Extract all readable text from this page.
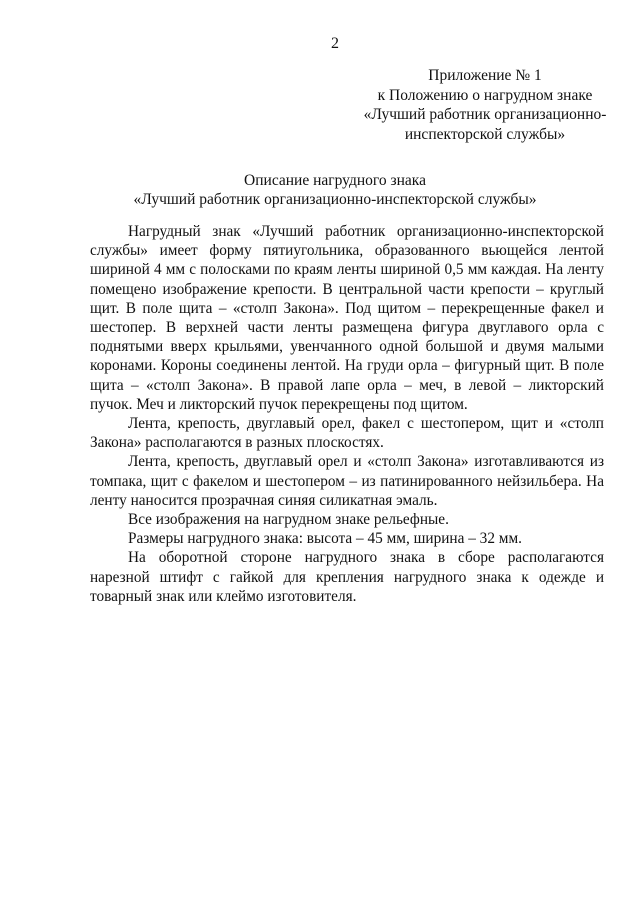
2
Приложение № 1
к Положению о нагрудном знаке
«Лучший работник организационно-
инспекторской службы»
Описание нагрудного знака
«Лучший работник организационно-инспекторской службы»

Нагрудный знак «Лучший работник организационно-инспекторской службы» имеет форму пятиугольника, образованного вьющейся лентой шириной 4 мм с полосками по краям ленты шириной 0,5 мм каждая. На ленту помещено изображение крепости. В центральной части крепости – круглый щит. В поле щита – «столп Закона». Под щитом – перекрещенные факел и шестопер. В верхней части ленты размещена фигура двуглавого орла с поднятыми вверх крыльями, увенчанного одной большой и двумя малыми коронами. Короны соединены лентой. На груди орла – фигурный щит. В поле щита – «столп Закона». В правой лапе орла – меч, в левой – ликторский пучок. Меч и ликторский пучок перекрещены под щитом.

Лента, крепость, двуглавый орел, факел с шестопером, щит и «столп Закона» располагаются в разных плоскостях.

Лента, крепость, двуглавый орел и «столп Закона» изготавливаются из томпака, щит с факелом и шестопером – из патинированного нейзильбера. На ленту наносится прозрачная синяя силикатная эмаль.

Все изображения на нагрудном знаке рельефные.

Размеры нагрудного знака: высота – 45 мм, ширина – 32 мм.

На оборотной стороне нагрудного знака в сборе располагаются нарезной штифт с гайкой для крепления нагрудного знака к одежде и товарный знак или клеймо изготовителя.
